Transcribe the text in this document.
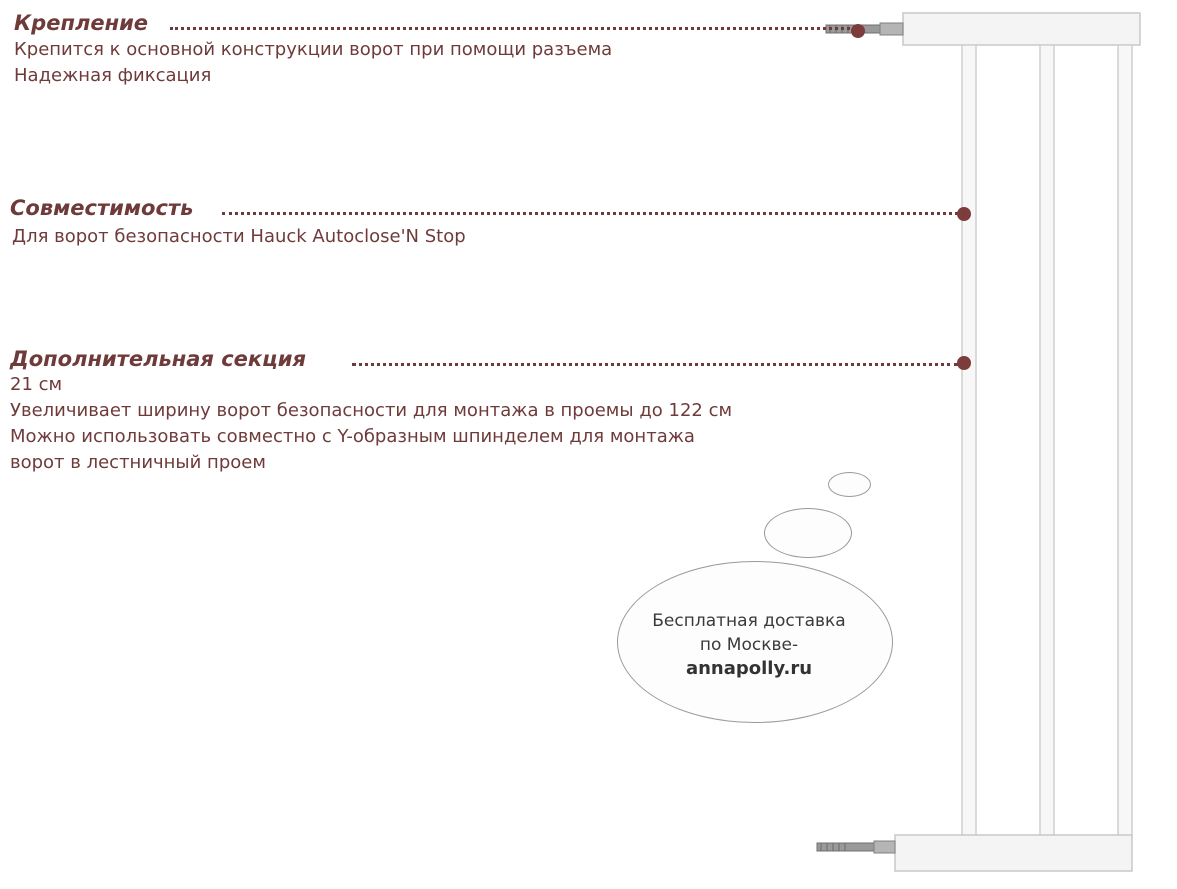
Крепление
Крепится к основной конструкции ворот при помощи разъема
Надежная фиксация
Совместимость
Для ворот безопасности Hauck Autoclose'N Stop
Дополнительная секция
21 см
Увеличивает ширину ворот безопасности для монтажа в проемы до 122 см
Можно использовать совместно с Y-образным шпинделем для монтажа
ворот в лестничный проем
Бесплатная доставка
по Москве-
annapolly.ru
